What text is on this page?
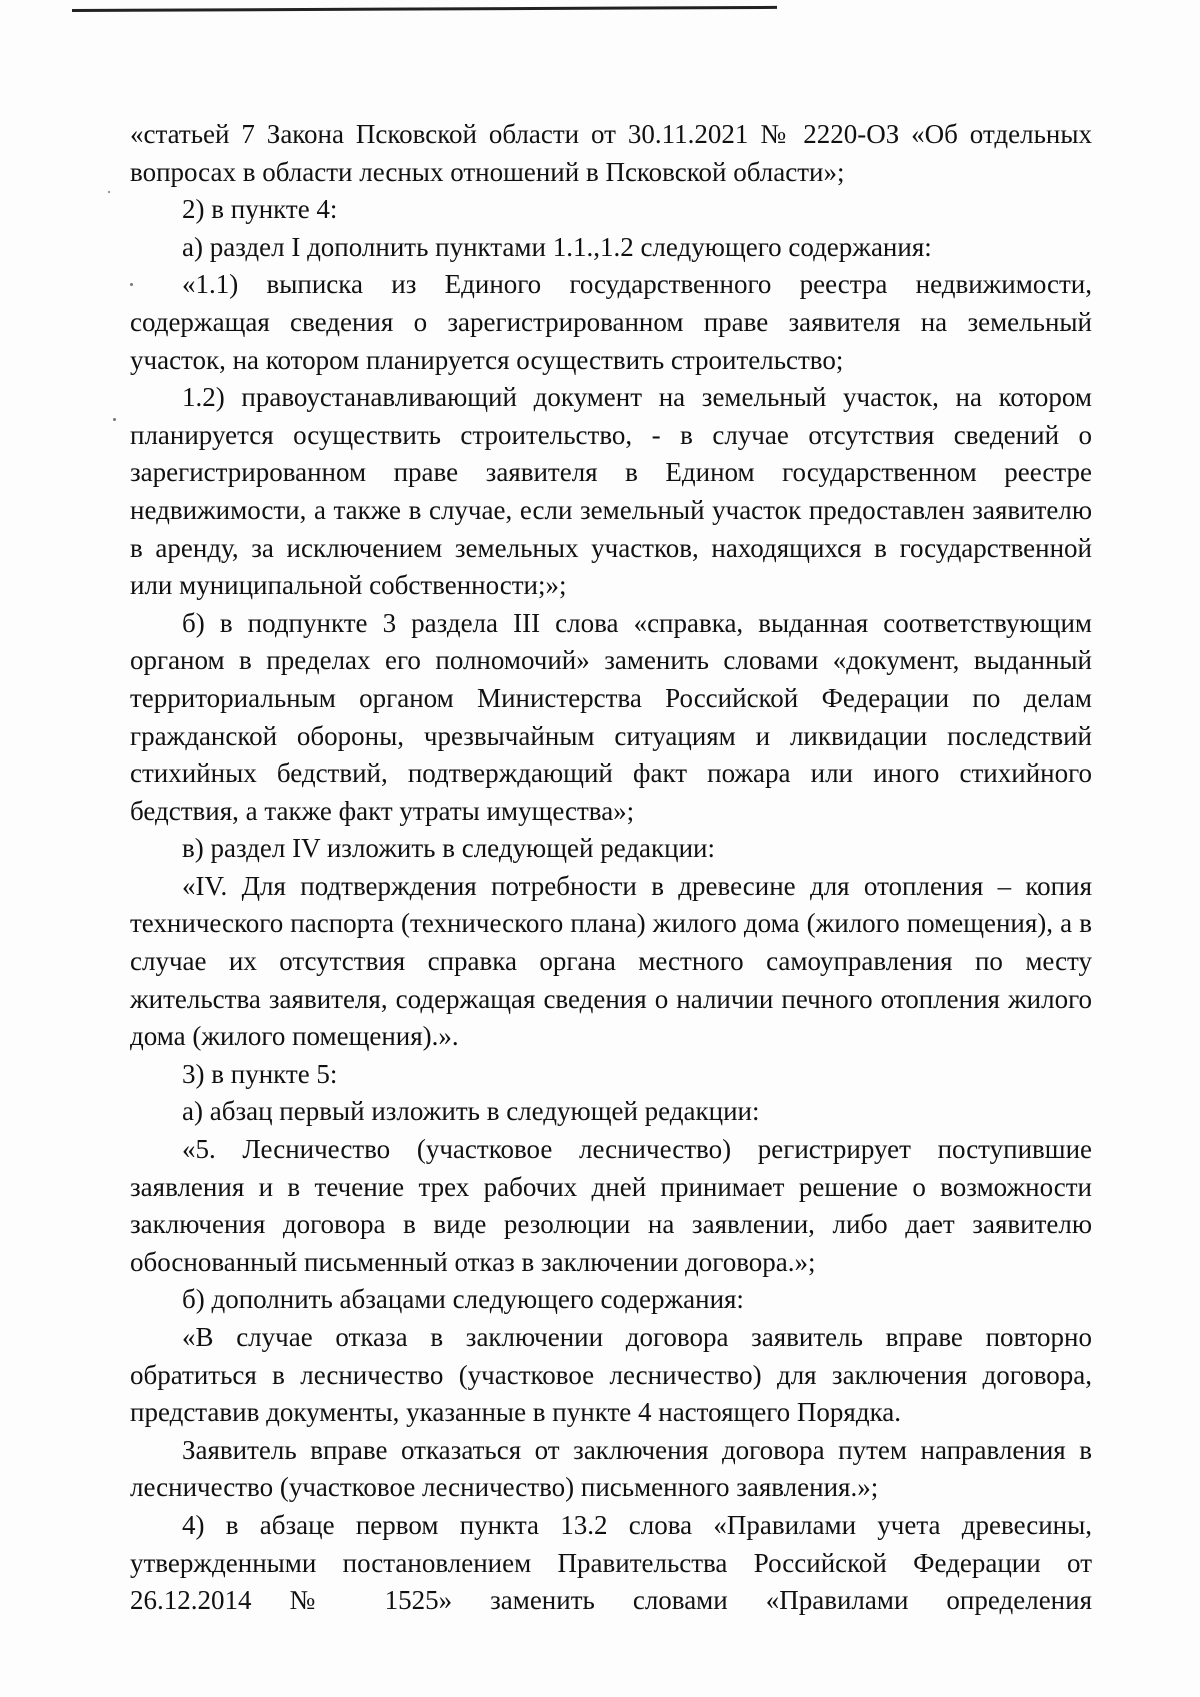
«статьей 7 Закона Псковской области от 30.11.2021 № 2220-ОЗ «Об отдельных вопросах в области лесных отношений в Псковской области»;

2) в пункте 4:

а) раздел I дополнить пунктами 1.1.,1.2 следующего содержания:

«1.1) выписка из Единого государственного реестра недвижимости, содержащая сведения о зарегистрированном праве заявителя на земельный участок, на котором планируется осуществить строительство;

1.2) правоустанавливающий документ на земельный участок, на котором планируется осуществить строительство, - в случае отсутствия сведений о зарегистрированном праве заявителя в Едином государственном реестре недвижимости, а также в случае, если земельный участок предоставлен заявителю в аренду, за исключением земельных участков, находящихся в государственной или муниципальной собственности;»;

б) в подпункте 3 раздела III слова «справка, выданная соответствующим органом в пределах его полномочий» заменить словами «документ, выданный территориальным органом Министерства Российской Федерации по делам гражданской обороны, чрезвычайным ситуациям и ликвидации последствий стихийных бедствий, подтверждающий факт пожара или иного стихийного бедствия, а также факт утраты имущества»;

в) раздел IV изложить в следующей редакции:

«IV. Для подтверждения потребности в древесине для отопления – копия технического паспорта (технического плана) жилого дома (жилого помещения), а в случае их отсутствия справка органа местного самоуправления по месту жительства заявителя, содержащая сведения о наличии печного отопления жилого дома (жилого помещения).».

3) в пункте 5:

а) абзац первый изложить в следующей редакции:

«5. Лесничество (участковое лесничество) регистрирует поступившие заявления и в течение трех рабочих дней принимает решение о возможности заключения договора в виде резолюции на заявлении, либо дает заявителю обоснованный письменный отказ в заключении договора.»;

б) дополнить абзацами следующего содержания:

«В случае отказа в заключении договора заявитель вправе повторно обратиться в лесничество (участковое лесничество) для заключения договора, представив документы, указанные в пункте 4 настоящего Порядка.

Заявитель вправе отказаться от заключения договора путем направления в лесничество (участковое лесничество) письменного заявления.»;

4) в абзаце первом пункта 13.2 слова «Правилами учета древесины, утвержденными постановлением Правительства Российской Федерации от 26.12.2014 № 1525» заменить словами «Правилами определения
